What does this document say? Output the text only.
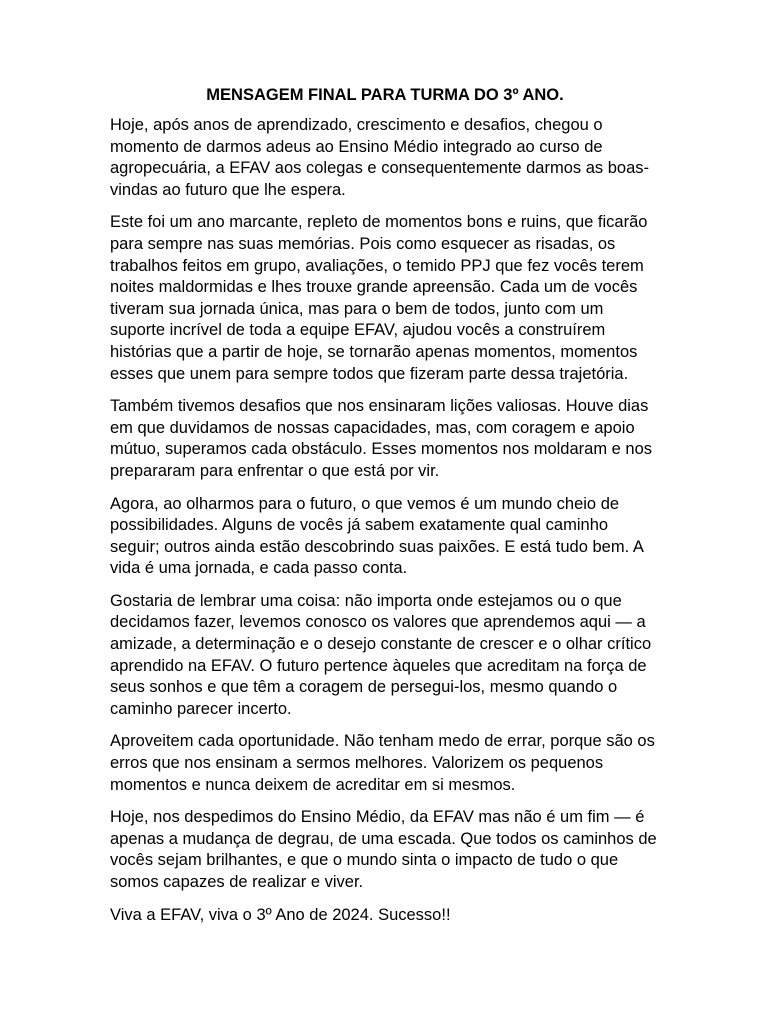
MENSAGEM FINAL PARA TURMA DO 3º ANO.

Hoje, após anos de aprendizado, crescimento e desafios, chegou o momento de darmos adeus ao Ensino Médio integrado ao curso de agropecuária, a EFAV aos colegas e consequentemente darmos as boas-vindas ao futuro que lhe espera.

Este foi um ano marcante, repleto de momentos bons e ruins, que ficarão para sempre nas suas memórias. Pois como esquecer as risadas, os trabalhos feitos em grupo, avaliações, o temido PPJ que fez vocês terem noites maldormidas e lhes trouxe grande apreensão. Cada um de vocês tiveram sua jornada única, mas para o bem de todos, junto com um suporte incrível de toda a equipe EFAV, ajudou vocês a construírem histórias que a partir de hoje, se tornarão apenas momentos, momentos esses que unem para sempre todos que fizeram parte dessa trajetória.

Também tivemos desafios que nos ensinaram lições valiosas. Houve dias em que duvidamos de nossas capacidades, mas, com coragem e apoio mútuo, superamos cada obstáculo. Esses momentos nos moldaram e nos prepararam para enfrentar o que está por vir.

Agora, ao olharmos para o futuro, o que vemos é um mundo cheio de possibilidades. Alguns de vocês já sabem exatamente qual caminho seguir; outros ainda estão descobrindo suas paixões. E está tudo bem. A vida é uma jornada, e cada passo conta.

Gostaria de lembrar uma coisa: não importa onde estejamos ou o que decidamos fazer, levemos conosco os valores que aprendemos aqui — a amizade, a determinação e o desejo constante de crescer e o olhar crítico aprendido na EFAV. O futuro pertence àqueles que acreditam na força de seus sonhos e que têm a coragem de persegui-los, mesmo quando o caminho parecer incerto.

Aproveitem cada oportunidade. Não tenham medo de errar, porque são os erros que nos ensinam a sermos melhores. Valorizem os pequenos momentos e nunca deixem de acreditar em si mesmos.

Hoje, nos despedimos do Ensino Médio, da EFAV mas não é um fim — é apenas a mudança de degrau, de uma escada. Que todos os caminhos de vocês sejam brilhantes, e que o mundo sinta o impacto de tudo o que somos capazes de realizar e viver.

Viva a EFAV, viva o 3º Ano de 2024. Sucesso!!
